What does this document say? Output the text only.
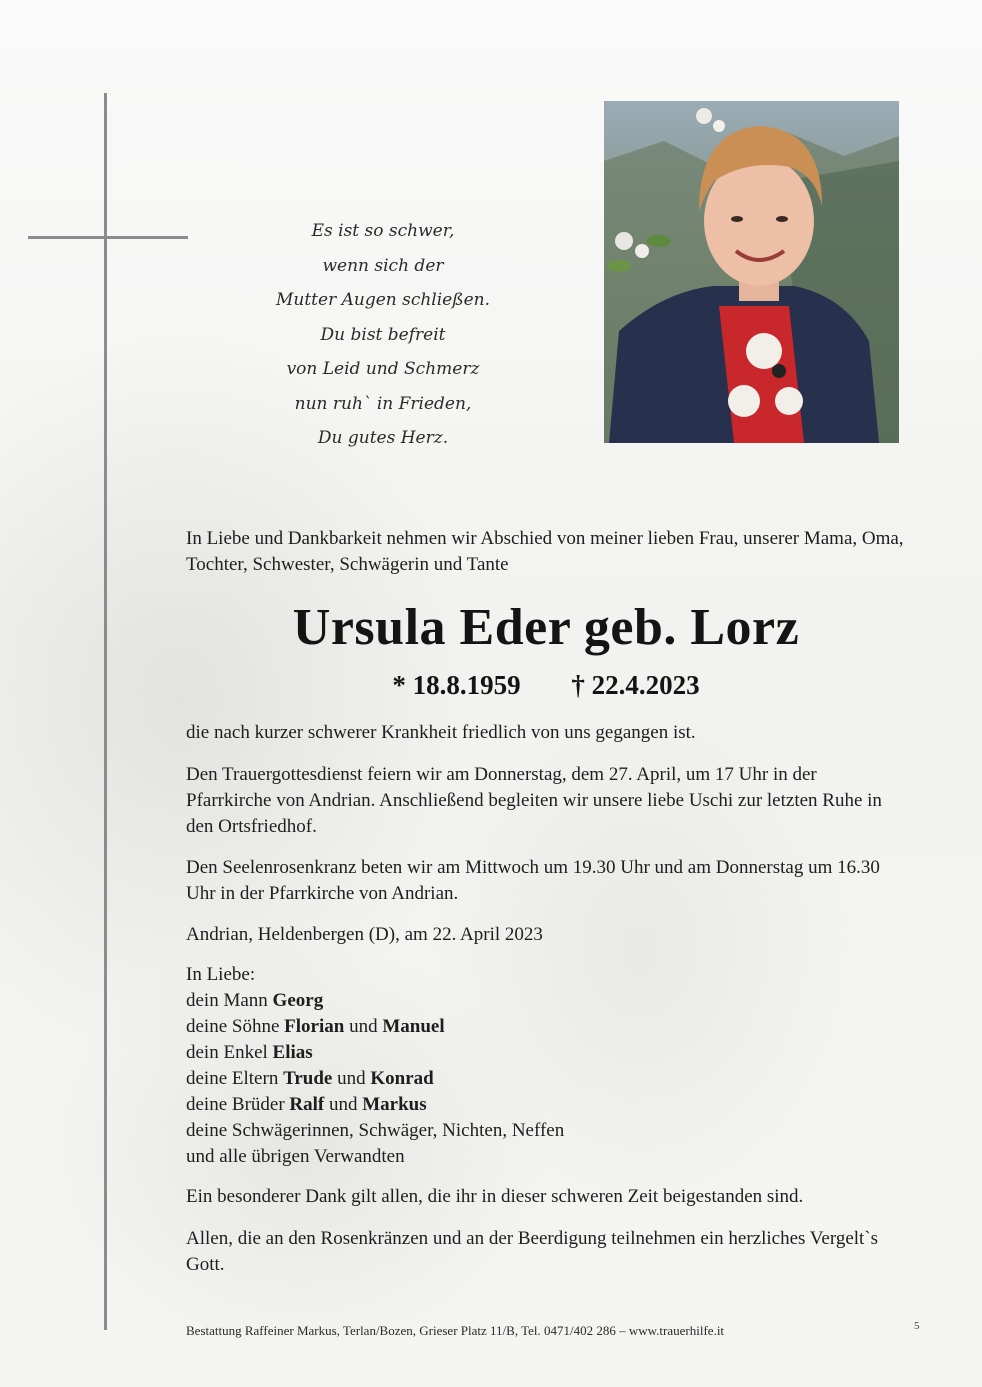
Es ist so schwer,
wenn sich der
Mutter Augen schließen.
Du bist befreit
von Leid und Schmerz
nun ruh` in Frieden,
Du gutes Herz.
In Liebe und Dankbarkeit nehmen wir Abschied von meiner lieben Frau, unserer Mama, Oma, Tochter, Schwester, Schwägerin und Tante
Ursula Eder geb. Lorz
* 18.8.1959 † 22.4.2023
die nach kurzer schwerer Krankheit friedlich von uns gegangen ist.
Den Trauergottesdienst feiern wir am Donnerstag, dem 27. April, um 17 Uhr in der Pfarrkirche von Andrian. Anschließend begleiten wir unsere liebe Uschi zur letzten Ruhe in den Ortsfriedhof.
Den Seelenrosenkranz beten wir am Mittwoch um 19.30 Uhr und am Donnerstag um 16.30 Uhr in der Pfarrkirche von Andrian.
Andrian, Heldenbergen (D), am 22. April 2023
In Liebe:
dein Mann Georg
deine Söhne Florian und Manuel
dein Enkel Elias
deine Eltern Trude und Konrad
deine Brüder Ralf und Markus
deine Schwägerinnen, Schwäger, Nichten, Neffen
und alle übrigen Verwandten
Ein besonderer Dank gilt allen, die ihr in dieser schweren Zeit beigestanden sind.
Allen, die an den Rosenkränzen und an der Beerdigung teilnehmen ein herzliches Vergelt`s Gott.
Bestattung Raffeiner Markus, Terlan/Bozen, Grieser Platz 11/B, Tel. 0471/402 286 – www.trauerhilfe.it	5
